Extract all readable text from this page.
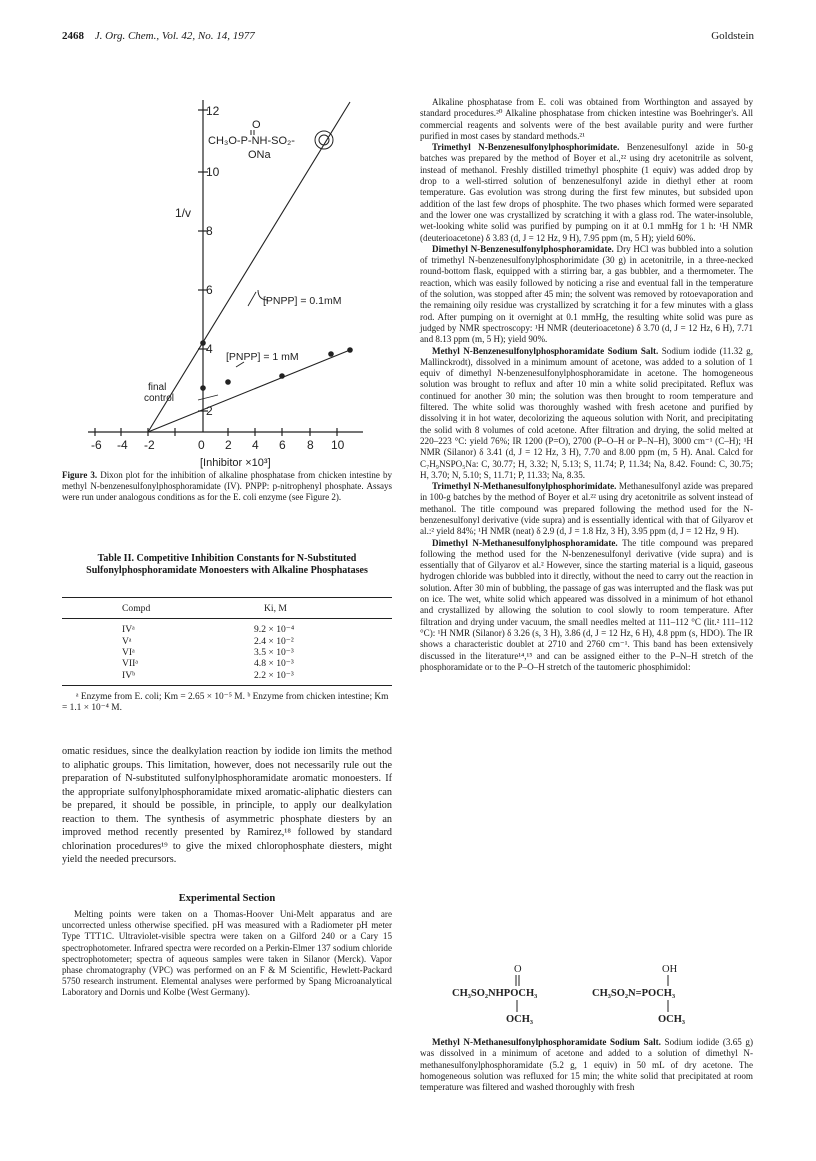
2468 J. Org. Chem., Vol. 42, No. 14, 1977	Goldstein
12
10
8
6
4
2
-6 -4 -2	0 2 4 6 8 10
1/v
[Inhibitor ×10³]
[PNPP] = 0.1mM
[PNPP] = 1 mM
final
control
O
CH₃O-P-NH-SO₂-
ONa
Figure 3. Dixon plot for the inhibition of alkaline phosphatase from chicken intestine by methyl N-benzenesulfonylphosphoramidate (IV). PNPP: p-nitrophenyl phosphate. Assays were run under analogous conditions as for the E. coli enzyme (see Figure 2).
Table II. Competitive Inhibition Constants for N-Substituted Sulfonylphosphoramidate Monoesters with Alkaline Phosphatases
Compd	Ki, M
IVᵃ	9.2 × 10⁻⁴
Vᵃ	2.4 × 10⁻²
VIᵃ	3.5 × 10⁻³
VIIᵃ	4.8 × 10⁻³
IVᵇ	2.2 × 10⁻³
ᵃ Enzyme from E. coli; Km = 2.65 × 10⁻⁵ M. ᵇ Enzyme from chicken intestine; Km = 1.1 × 10⁻⁴ M.
omatic residues, since the dealkylation reaction by iodide ion limits the method to aliphatic groups. This limitation, however, does not necessarily rule out the preparation of N-substituted sulfonylphosphoramidate aromatic monoesters. If the appropriate sulfonylphosphoramidate mixed aromatic-aliphatic diesters can be prepared, it should be possible, in principle, to apply our dealkylation reaction to them. The synthesis of asymmetric phosphate diesters by an improved method recently presented by Ramirez,¹⁸ followed by standard chlorination procedures¹⁹ to give the mixed chlorophosphate diesters, might yield the needed precursors.
Experimental Section
Melting points were taken on a Thomas-Hoover Uni-Melt apparatus and are uncorrected unless otherwise specified. pH was measured with a Radiometer pH meter Type TTT1C. Ultraviolet-visible spectra were taken on a Gilford 240 or a Cary 15 spectrophotometer. Infrared spectra were recorded on a Perkin-Elmer 137 sodium chloride spectrophotometer; spectra of aqueous samples were taken in Silanor (Merck). Vapor phase chromatography (VPC) was performed on an F & M Scientific, Hewlett-Packard 5750 research instrument. Elemental analyses were performed by Spang Microanalytical Laboratory and Dornis und Kolbe (West Germany).

Alkaline phosphatase from E. coli was obtained from Worthington and assayed by standard procedures.²⁰ Alkaline phosphatase from chicken intestine was Boehringer's. All commercial reagents and solvents were of the best available purity and were further purified in most cases by standard methods.²¹

Trimethyl N-Benzenesulfonylphosphorimidate. Benzenesulfonyl azide in 50-g batches was prepared by the method of Boyer et al.,²² using dry acetonitrile as solvent, instead of methanol. Freshly distilled trimethyl phosphite (1 equiv) was added drop by drop to a well-stirred solution of benzenesulfonyl azide in diethyl ether at room temperature. Gas evolution was strong during the first few minutes, but subsided upon addition of the last few drops of phosphite. The two phases which formed were separated and the lower one was crystallized by scratching it with a glass rod. The water-insoluble, wet-looking white solid was purified by pumping on it at 0.1 mmHg for 1 h: ¹H NMR (deuterioacetone) δ 3.83 (d, J = 12 Hz, 9 H), 7.95 ppm (m, 5 H); yield 60%.

Dimethyl N-Benzenesulfonylphosphoramidate. Dry HCl was bubbled into a solution of trimethyl N-benzenesulfonylphosphorimidate (30 g) in acetonitrile, in a three-necked round-bottom flask, equipped with a stirring bar, a gas bubbler, and a thermometer. The reaction, which was easily followed by noticing a rise and eventual fall in the temperature of the solution, was stopped after 45 min; the solvent was removed by rotoevaporation and the remaining oily residue was crystallized by scratching it for a few minutes with a glass rod. After pumping on it overnight at 0.1 mmHg, the resulting white solid was pure as judged by NMR spectroscopy: ¹H NMR (deuterioacetone) δ 3.70 (d, J = 12 Hz, 6 H), 7.71 and 8.13 ppm (m, 5 H); yield 90%.

Methyl N-Benzenesulfonylphosphoramidate Sodium Salt. Sodium iodide (11.32 g, Mallinckrodt), dissolved in a minimum amount of acetone, was added to a solution of 1 equiv of dimethyl N-benzenesulfonylphosphoramidate in acetone. The homogeneous solution was brought to reflux and after 10 min a white solid precipitated. Reflux was continued for another 30 min; the solution was then brought to room temperature and filtered. The white solid was thoroughly washed with fresh acetone and purified by dissolving it in hot water, decolorizing the aqueous solution with Norit, and precipitating the solid with 8 volumes of cold acetone. After filtration and drying, the solid melted at 220–223 °C: yield 76%; IR 1200 (P=O), 2700 (P–O–H or P–N–H), 3000 cm⁻¹ (C–H); ¹H NMR (Silanor) δ 3.41 (d, J = 12 Hz, 3 H), 7.70 and 8.00 ppm (m, 5 H). Anal. Calcd for C₇H₉NSPO₅Na: C, 30.77; H, 3.32; N, 5.13; S, 11.74; P, 11.34; Na, 8.42. Found: C, 30.75; H, 3.70; N, 5.10; S, 11.71; P, 11.33; Na, 8.35.

Trimethyl N-Methanesulfonylphosphorimidate. Methanesulfonyl azide was prepared in 100-g batches by the method of Boyer et al.²² using dry acetonitrile as solvent instead of methanol. The title compound was prepared following the method used for the N-benzenesulfonyl derivative (vide supra) and is essentially identical with that of Gilyarov et al.:² yield 84%; ¹H NMR (neat) δ 2.9 (d, J = 1.8 Hz, 3 H), 3.95 ppm (d, J = 12 Hz, 9 H).

Dimethyl N-Methanesulfonylphosphoramidate. The title compound was prepared following the method used for the N-benzenesulfonyl derivative (vide supra) and is essentially that of Gilyarov et al.² However, since the starting material is a liquid, gaseous hydrogen chloride was bubbled into it directly, without the need to carry out the reaction in solution. After 30 min of bubbling, the passage of gas was interrupted and the flask was put on ice. The wet, white solid which appeared was dissolved in a minimum of hot ethanol and crystallized by allowing the solution to cool slowly to room temperature. After filtration and drying under vacuum, the small needles melted at 111–112 °C (lit.² 111–112 °C): ¹H NMR (Silanor) δ 3.26 (s, 3 H), 3.86 (d, J = 12 Hz, 6 H), 4.8 ppm (s, HDO). The IR shows a characteristic doublet at 2710 and 2760 cm⁻¹. This band has been extensively discussed in the literature¹⁴,¹⁵ and can be assigned either to the P–N–H stretch of the phosphoramidate or to the P–O–H stretch of the tautomeric phosphimidol:

O
CH₃SO₂NHPOCH₃
OCH₃
OH
CH₃SO₂N=POCH₃
OCH₃
Methyl N-Methanesulfonylphosphoramidate Sodium Salt. Sodium iodide (3.65 g) was dissolved in a minimum of acetone and added to a solution of dimethyl N-methanesulfonylphosphoramidate (5.2 g, 1 equiv) in 50 mL of dry acetone. The homogeneous solution was refluxed for 15 min; the white solid that precipitated at room temperature was filtered and washed thoroughly with fresh
